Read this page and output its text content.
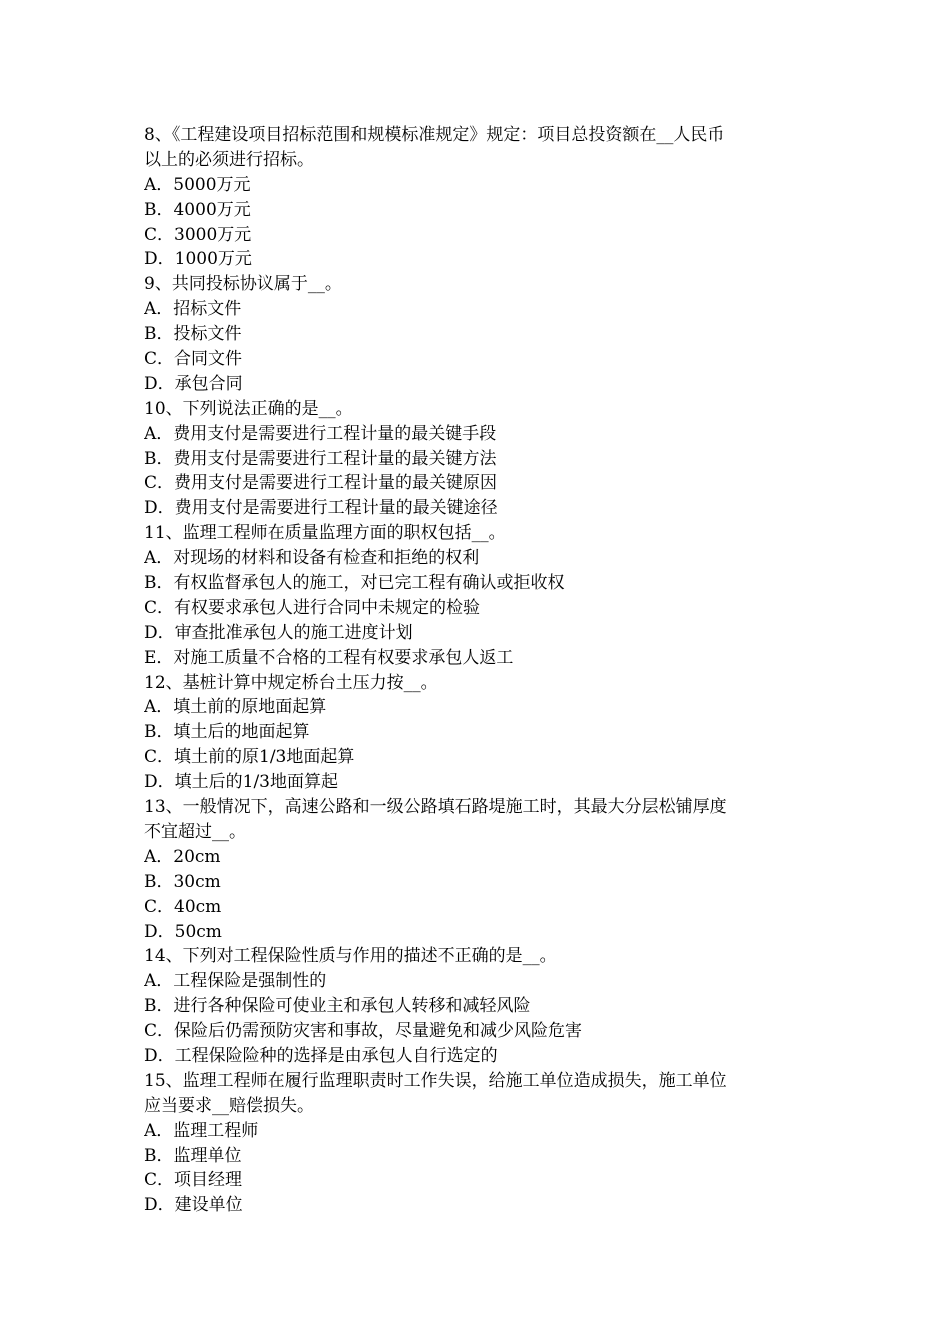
8、《工程建设项目招标范围和规模标准规定》规定：项目总投资额在__人民币
以上的必须进行招标。
A．5000万元
B．4000万元
C．3000万元
D．1000万元
9、共同投标协议属于__。
A．招标文件
B．投标文件
C．合同文件
D．承包合同
10、下列说法正确的是__。
A．费用支付是需要进行工程计量的最关键手段
B．费用支付是需要进行工程计量的最关键方法
C．费用支付是需要进行工程计量的最关键原因
D．费用支付是需要进行工程计量的最关键途径
11、监理工程师在质量监理方面的职权包括__。
A．对现场的材料和设备有检查和拒绝的权利
B．有权监督承包人的施工，对已完工程有确认或拒收权
C．有权要求承包人进行合同中未规定的检验
D．审查批准承包人的施工进度计划
E．对施工质量不合格的工程有权要求承包人返工
12、基桩计算中规定桥台土压力按__。
A．填土前的原地面起算
B．填土后的地面起算
C．填土前的原1/3地面起算
D．填土后的1/3地面算起
13、一般情况下，高速公路和一级公路填石路堤施工时，其最大分层松铺厚度
不宜超过__。
A．20cm
B．30cm
C．40cm
D．50cm
14、下列对工程保险性质与作用的描述不正确的是__。
A．工程保险是强制性的
B．进行各种保险可使业主和承包人转移和减轻风险
C．保险后仍需预防灾害和事故，尽量避免和减少风险危害
D．工程保险险种的选择是由承包人自行选定的
15、监理工程师在履行监理职责时工作失误，给施工单位造成损失，施工单位
应当要求__赔偿损失。
A．监理工程师
B．监理单位
C．项目经理
D．建设单位
